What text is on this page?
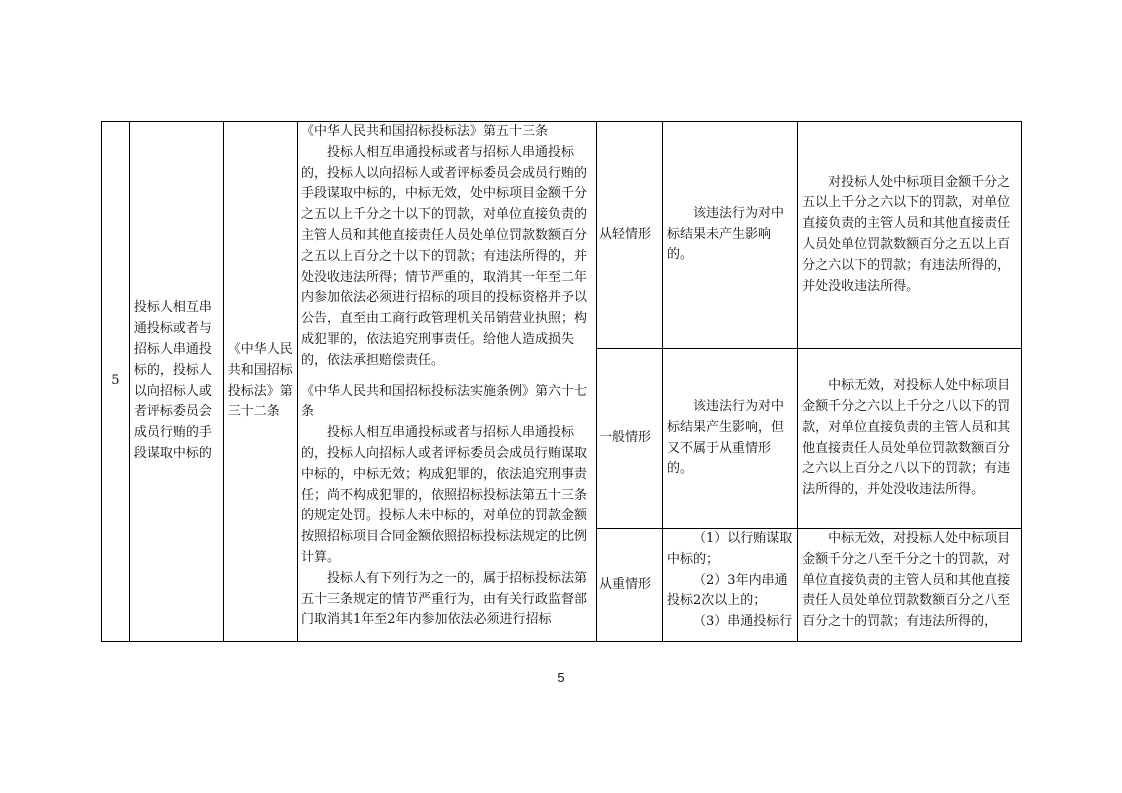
5	投标人相互串通投标或者与招标人串通投标的，投标人以向招标人或者评标委员会成员行贿的手段谋取中标的	《中华人民共和国招标投标法》第三十二条	《中华人民共和国招标投标法》第五十三条
投标人相互串通投标或者与招标人串通投标的，投标人以向招标人或者评标委员会成员行贿的手段谋取中标的，中标无效，处中标项目金额千分之五以上千分之十以下的罚款，对单位直接负责的主管人员和其他直接责任人员处单位罚款数额百分之五以上百分之十以下的罚款；有违法所得的，并处没收违法所得；情节严重的，取消其一年至二年内参加依法必须进行招标的项目的投标资格并予以公告，直至由工商行政管理机关吊销营业执照；构成犯罪的，依法追究刑事责任。给他人造成损失的，依法承担赔偿责任。
《中华人民共和国招标投标法实施条例》第六十七条
投标人相互串通投标或者与招标人串通投标的，投标人向招标人或者评标委员会成员行贿谋取中标的，中标无效；构成犯罪的，依法追究刑事责任；尚不构成犯罪的，依照招标投标法第五十三条的规定处罚。投标人未中标的，对单位的罚款金额按照招标项目合同金额依照招标投标法规定的比例计算。
投标人有下列行为之一的，属于招标投标法第五十三条规定的情节严重行为，由有关行政监督部门取消其1年至2年内参加依法必须进行招标	从轻情形	该违法行为对中标结果未产生影响的。	对投标人处中标项目金额千分之五以上千分之六以下的罚款，对单位直接负责的主管人员和其他直接责任人员处单位罚款数额百分之五以上百分之六以下的罚款；有违法所得的，并处没收违法所得。
				一般情形	该违法行为对中标结果产生影响，但又不属于从重情形的。	中标无效，对投标人处中标项目金额千分之六以上千分之八以下的罚款，对单位直接负责的主管人员和其他直接责任人员处单位罚款数额百分之六以上百分之八以下的罚款；有违法所得的，并处没收违法所得。
				从重情形	（1）以行贿谋取中标的；
（2）3年内串通投标2次以上的；
（3）串通投标行	中标无效，对投标人处中标项目金额千分之八至千分之十的罚款，对单位直接负责的主管人员和其他直接责任人员处单位罚款数额百分之八至百分之十的罚款；有违法所得的，
5
